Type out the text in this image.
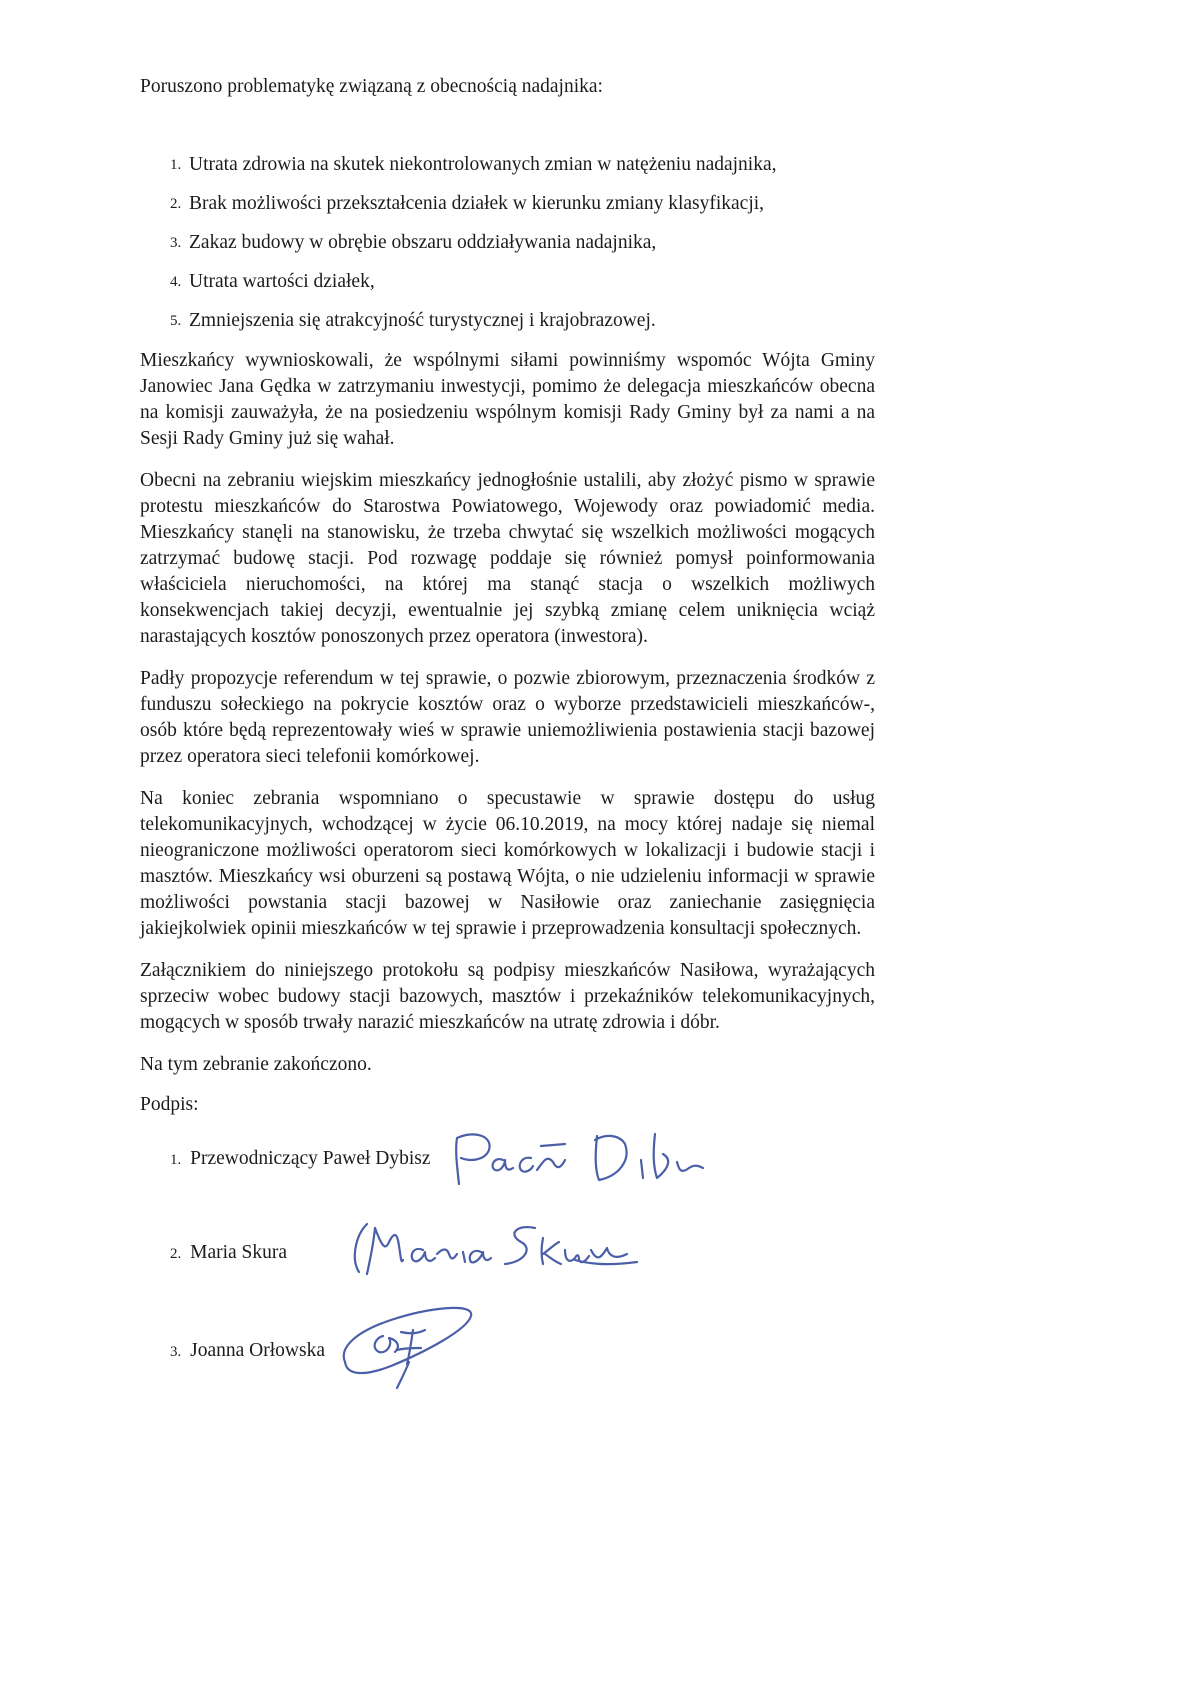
Poruszono problematykę związaną z obecnością nadajnika:

1. Utrata zdrowia na skutek niekontrolowanych zmian w natężeniu nadajnika,
2. Brak możliwości przekształcenia działek w kierunku zmiany klasyfikacji,
3. Zakaz budowy w obrębie obszaru oddziaływania nadajnika,
4. Utrata wartości działek,
5. Zmniejszenia się atrakcyjność turystycznej i krajobrazowej.

Mieszkańcy wywnioskowali, że wspólnymi siłami powinniśmy wspomóc Wójta Gminy Janowiec Jana Gędka w zatrzymaniu inwestycji, pomimo że delegacja mieszkańców obecna na komisji zauważyła, że na posiedzeniu wspólnym komisji Rady Gminy był za nami a na Sesji Rady Gminy już się wahał.

Obecni na zebraniu wiejskim mieszkańcy jednogłośnie ustalili, aby złożyć pismo w sprawie protestu mieszkańców do Starostwa Powiatowego, Wojewody oraz powiadomić media. Mieszkańcy stanęli na stanowisku, że trzeba chwytać się wszelkich możliwości mogących zatrzymać budowę stacji. Pod rozwagę poddaje się również pomysł poinformowania właściciela nieruchomości, na której ma stanąć stacja o wszelkich możliwych konsekwencjach takiej decyzji, ewentualnie jej szybką zmianę celem uniknięcia wciąż narastających kosztów ponoszonych przez operatora (inwestora).

Padły propozycje referendum w tej sprawie, o pozwie zbiorowym, przeznaczenia środków z funduszu sołeckiego na pokrycie kosztów oraz o wyborze przedstawicieli mieszkańców-, osób które będą reprezentowały wieś w sprawie uniemożliwienia postawienia stacji bazowej przez operatora sieci telefonii komórkowej.

Na koniec zebrania wspomniano o specustawie w sprawie dostępu do usług telekomunikacyjnych, wchodzącej w życie 06.10.2019, na mocy której nadaje się niemal nieograniczone możliwości operatorom sieci komórkowych w lokalizacji i budowie stacji i masztów. Mieszkańcy wsi oburzeni są postawą Wójta, o nie udzieleniu informacji w sprawie możliwości powstania stacji bazowej w Nasiłowie oraz zaniechanie zasięgnięcia jakiejkolwiek opinii mieszkańców w tej sprawie i przeprowadzenia konsultacji społecznych.

Załącznikiem do niniejszego protokołu są podpisy mieszkańców Nasiłowa, wyrażających sprzeciw wobec budowy stacji bazowych, masztów i przekaźników telekomunikacyjnych, mogących w sposób trwały narazić mieszkańców na utratę zdrowia i dóbr.

Na tym zebranie zakończono.

Podpis:

1. Przewodniczący Paweł Dybisz
2. Maria Skura
3. Joanna Orłowska
